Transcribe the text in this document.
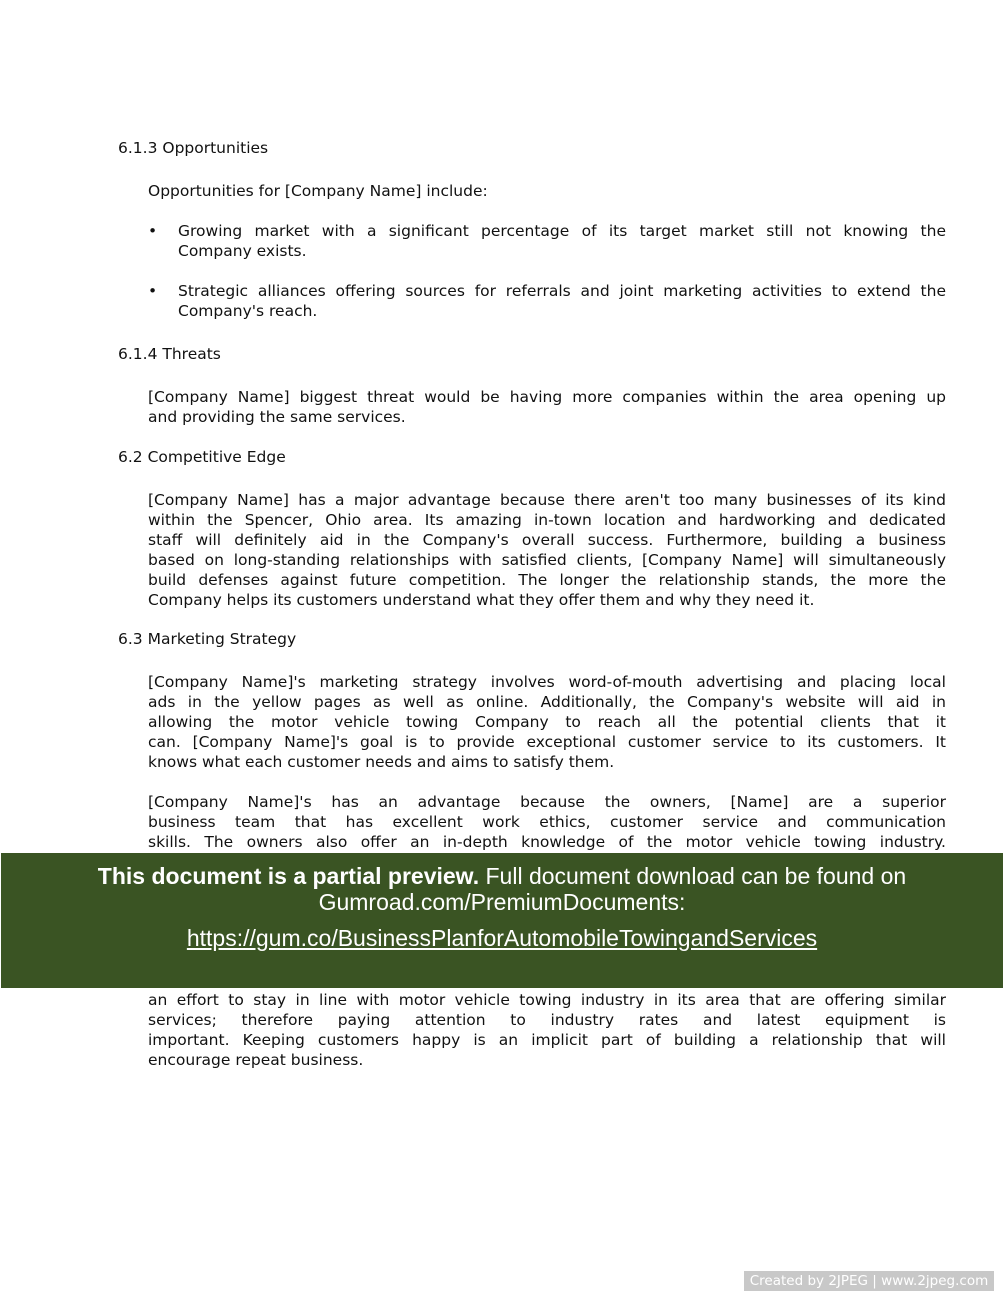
6.1.3 Opportunities
Opportunities for [Company Name] include:
• Growing market with a significant percentage of its target market still not knowing the
Company exists.
• Strategic alliances offering sources for referrals and joint marketing activities to extend the
Company's reach.
6.1.4 Threats
[Company Name] biggest threat would be having more companies within the area opening up
and providing the same services.
6.2 Competitive Edge
[Company Name] has a major advantage because there aren't too many businesses of its kind
within the Spencer, Ohio area. Its amazing in-town location and hardworking and dedicated
staff will definitely aid in the Company's overall success. Furthermore, building a business
based on long-standing relationships with satisfied clients, [Company Name] will simultaneously
build defenses against future competition. The longer the relationship stands, the more the
Company helps its customers understand what they offer them and why they need it.
6.3 Marketing Strategy
[Company Name]'s marketing strategy involves word-of-mouth advertising and placing local
ads in the yellow pages as well as online. Additionally, the Company's website will aid in
allowing the motor vehicle towing Company to reach all the potential clients that it
can. [Company Name]'s goal is to provide exceptional customer service to its customers. It
knows what each customer needs and aims to satisfy them.
[Company Name]'s has an advantage because the owners, [Name] are a superior
business team that has excellent work ethics, customer service and communication
skills. The owners also offer an in-depth knowledge of the motor vehicle towing industry.
an effort to stay in line with motor vehicle towing industry in its area that are offering similar
services; therefore paying attention to industry rates and latest equipment is
important. Keeping customers happy is an implicit part of building a relationship that will
encourage repeat business.
This document is a partial preview. Full document download can be found on
Gumroad.com/PremiumDocuments:
https://gum.co/BusinessPlanforAutomobileTowingandServices
Created by 2JPEG | www.2jpeg.com
